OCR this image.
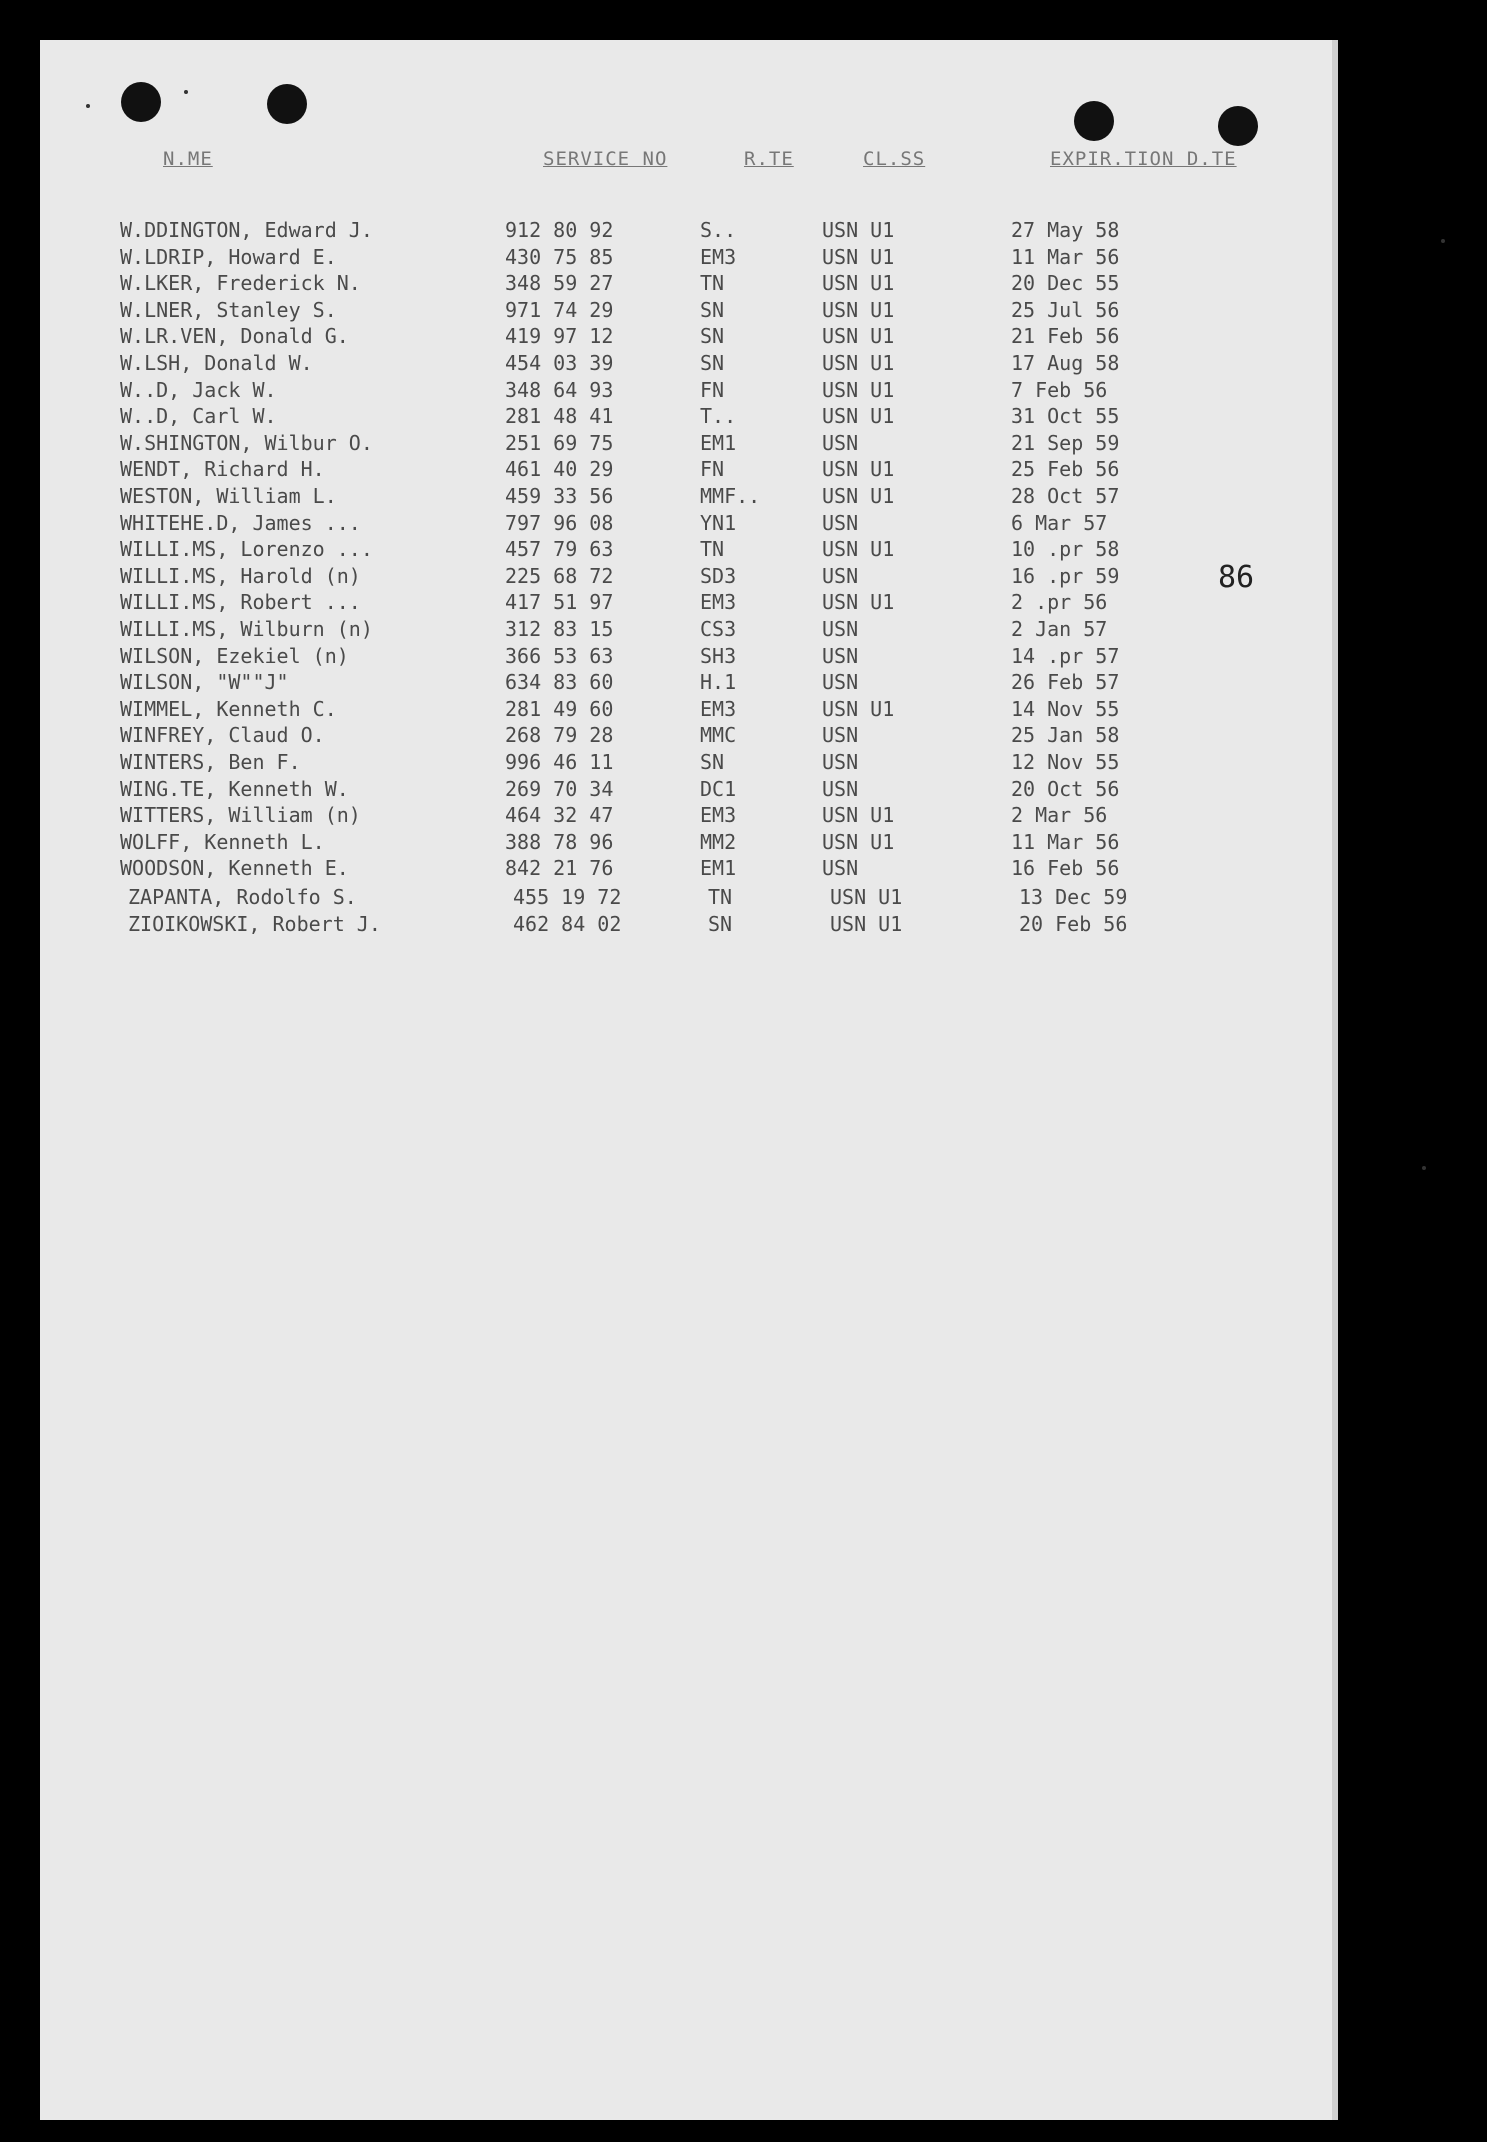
N.ME	SERVICE NO	R.TE	CL.SS	EXPIR.TION D.TE
W.DDINGTON, Edward J.	912 80 92	S..	USN U1	27 May 58
W.LDRIP, Howard E.	430 75 85	EM3	USN U1	11 Mar 56
W.LKER, Frederick N.	348 59 27	TN	USN U1	20 Dec 55
W.LNER, Stanley S.	971 74 29	SN	USN U1	25 Jul 56
W.LR.VEN, Donald G.	419 97 12	SN	USN U1	21 Feb 56
W.LSH, Donald W.	454 03 39	SN	USN U1	17 Aug 58
W..D, Jack W.	348 64 93	FN	USN U1	7 Feb 56
W..D, Carl W.	281 48 41	T..	USN U1	31 Oct 55
W.SHINGTON, Wilbur O.	251 69 75	EM1	USN	21 Sep 59
WENDT, Richard H.	461 40 29	FN	USN U1	25 Feb 56
WESTON, William L.	459 33 56	MMF..	USN U1	28 Oct 57
WHITEHE.D, James ...	797 96 08	YN1	USN	6 Mar 57
WILLI.MS, Lorenzo ...	457 79 63	TN	USN U1	10 .pr 58
WILLI.MS, Harold (n)	225 68 72	SD3	USN	16 .pr 59
WILLI.MS, Robert ...	417 51 97	EM3	USN U1	2 .pr 56
WILLI.MS, Wilburn (n)	312 83 15	CS3	USN	2 Jan 57
WILSON, Ezekiel (n)	366 53 63	SH3	USN	14 .pr 57
WILSON, "W""J"	634 83 60	H.1	USN	26 Feb 57
WIMMEL, Kenneth C.	281 49 60	EM3	USN U1	14 Nov 55
WINFREY, Claud O.	268 79 28	MMC	USN	25 Jan 58
WINTERS, Ben F.	996 46 11	SN	USN	12 Nov 55
WING.TE, Kenneth W.	269 70 34	DC1	USN	20 Oct 56
WITTERS, William (n)	464 32 47	EM3	USN U1	2 Mar 56
WOLFF, Kenneth L.	388 78 96	MM2	USN U1	11 Mar 56
WOODSON, Kenneth E.	842 21 76	EM1	USN	16 Feb 56
ZAPANTA, Rodolfo S.	455 19 72	TN	USN U1	13 Dec 59
ZIOIKOWSKI, Robert J.	462 84 02	SN	USN U1	20 Feb 56
86
